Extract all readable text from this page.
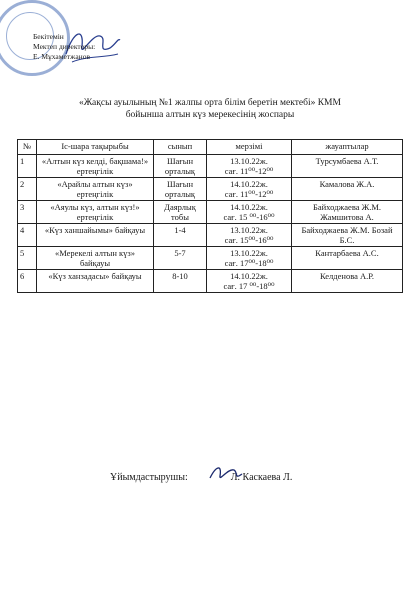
Бекітемін
Мектеп директоры:
Е. Мұхаметжанов
«Жақсы ауылының №1 жалпы орта білім беретін мектебі» КММ
бойынша алтын күз мерекесінің жоспары
№	Іс-шара тақырыбы	сынып	мерзімі	жауаптылар
1	«Алтын күз келді, бақшама!» ертеңгілік	Шағын орталық	13.10.22ж.
сағ. 11⁰⁰-12⁰⁰	Турсумбаева А.Т.
2	«Арайлы алтын күз» ертеңгілік	Шағын орталық	14.10.22ж.
сағ. 11⁰⁰-12⁰⁰	Камалова Ж.А.
3	«Аяулы күз, алтын күз!» ертеңгілік	Даярлық тобы	14.10.22ж.
сағ. 15 ⁰⁰-16⁰⁰	Байходжаева Ж.М. Жамшитова А.
4	«Күз ханшайымы» байқауы	1-4	13.10.22ж.
сағ. 15⁰⁰-16⁰⁰	Байходжаева Ж.М. Бозай Б.С.
5	«Мерекелі алтын күз» байқауы	5-7	13.10.22ж.
сағ. 17⁰⁰-18⁰⁰	Кантарбаева А.С.
6	«Күз ханзадасы» байқауы	8-10	14.10.22ж.
сағ. 17 ⁰⁰-18⁰⁰	Келденова А.Р.
Ұйымдастырушы:	Л. Каскаева Л.
